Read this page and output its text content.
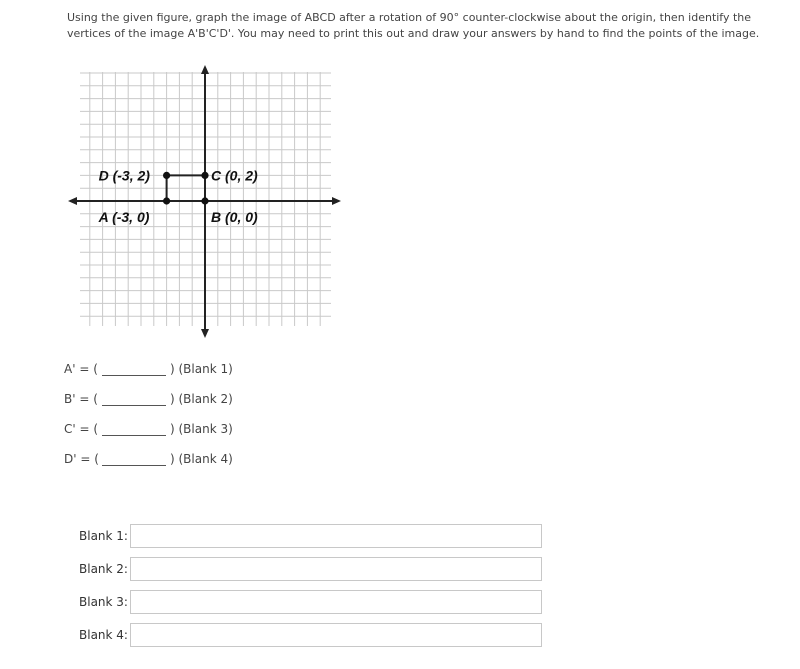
Using the given figure, graph the image of ABCD after a rotation of 90° counter-clockwise about the origin, then identify the vertices of the image A'B'C'D'. You may need to print this out and draw your answers by hand to find the points of the image.
D (-3, 2)	C (0, 2)
A (-3, 0)	B (0, 0)
A' = (	) (Blank 1)
B' = (	) (Blank 2)
C' = (	) (Blank 3)
D' = (	) (Blank 4)
Blank 1:
Blank 2:
Blank 3:
Blank 4:
